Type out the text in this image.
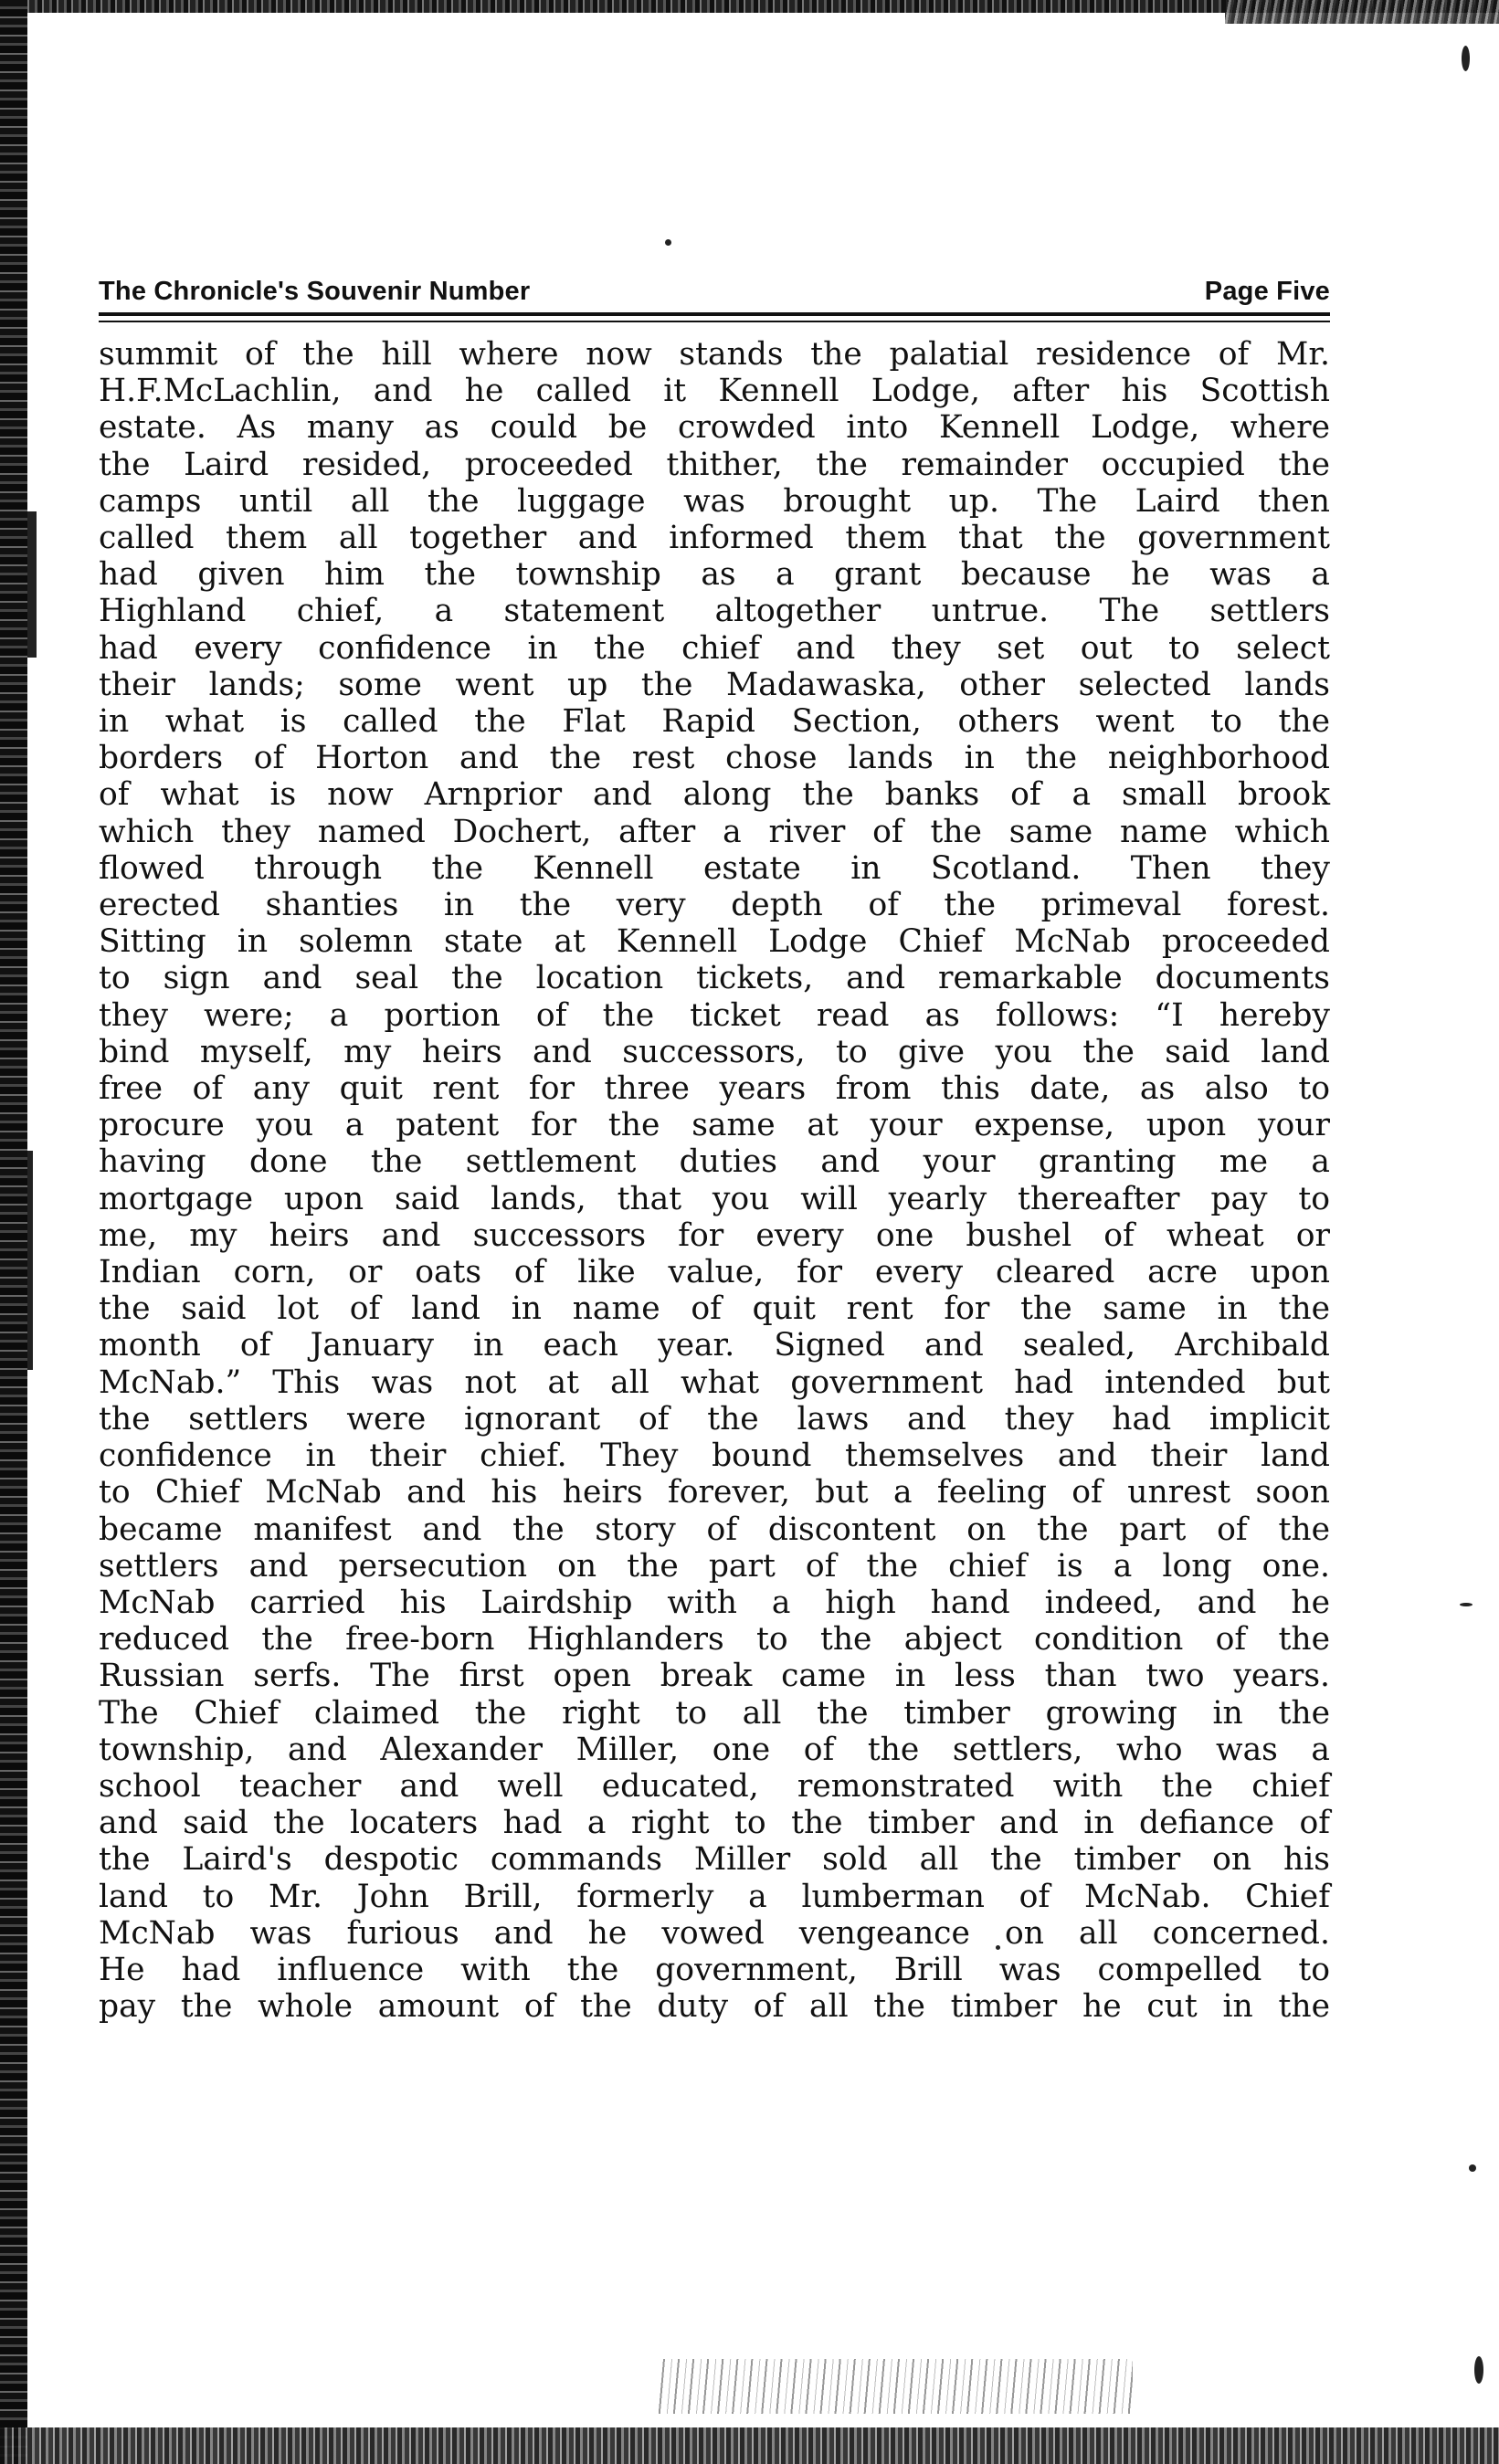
The Chronicle's Souvenir Number	Page Five
summit of the hill where now stands the palatial residence of Mr.
H.F.McLachlin, and he called it Kennell Lodge, after his Scottish
estate. As many as could be crowded into Kennell Lodge, where
the Laird resided, proceeded thither, the remainder occupied the
camps until all the luggage was brought up. The Laird then
called them all together and informed them that the government
had given him the township as a grant because he was a
Highland chief, a statement altogether untrue. The settlers
had every confidence in the chief and they set out to select
their lands; some went up the Madawaska, other selected lands
in what is called the Flat Rapid Section, others went to the
borders of Horton and the rest chose lands in the neighborhood
of what is now Arnprior and along the banks of a small brook
which they named Dochert, after a river of the same name which
flowed through the Kennell estate in Scotland. Then they
erected shanties in the very depth of the primeval forest.
Sitting in solemn state at Kennell Lodge Chief McNab proceeded
to sign and seal the location tickets, and remarkable documents
they were; a portion of the ticket read as follows: “I hereby
bind myself, my heirs and successors, to give you the said land
free of any quit rent for three years from this date, as also to
procure you a patent for the same at your expense, upon your
having done the settlement duties and your granting me a
mortgage upon said lands, that you will yearly thereafter pay to
me, my heirs and successors for every one bushel of wheat or
Indian corn, or oats of like value, for every cleared acre upon
the said lot of land in name of quit rent for the same in the
month of January in each year. Signed and sealed, Archibald
McNab.” This was not at all what government had intended but
the settlers were ignorant of the laws and they had implicit
confidence in their chief. They bound themselves and their land
to Chief McNab and his heirs forever, but a feeling of unrest soon
became manifest and the story of discontent on the part of the
settlers and persecution on the part of the chief is a long one.
McNab carried his Lairdship with a high hand indeed, and he
reduced the free-born Highlanders to the abject condition of the
Russian serfs. The first open break came in less than two years.
The Chief claimed the right to all the timber growing in the
township, and Alexander Miller, one of the settlers, who was a
school teacher and well educated, remonstrated with the chief
and said the locaters had a right to the timber and in defiance of
the Laird's despotic commands Miller sold all the timber on his
land to Mr. John Brill, formerly a lumberman of McNab. Chief
McNab was furious and he vowed vengeance on all concerned.
He had influence with the government, Brill was compelled to
pay the whole amount of the duty of all the timber he cut in the
